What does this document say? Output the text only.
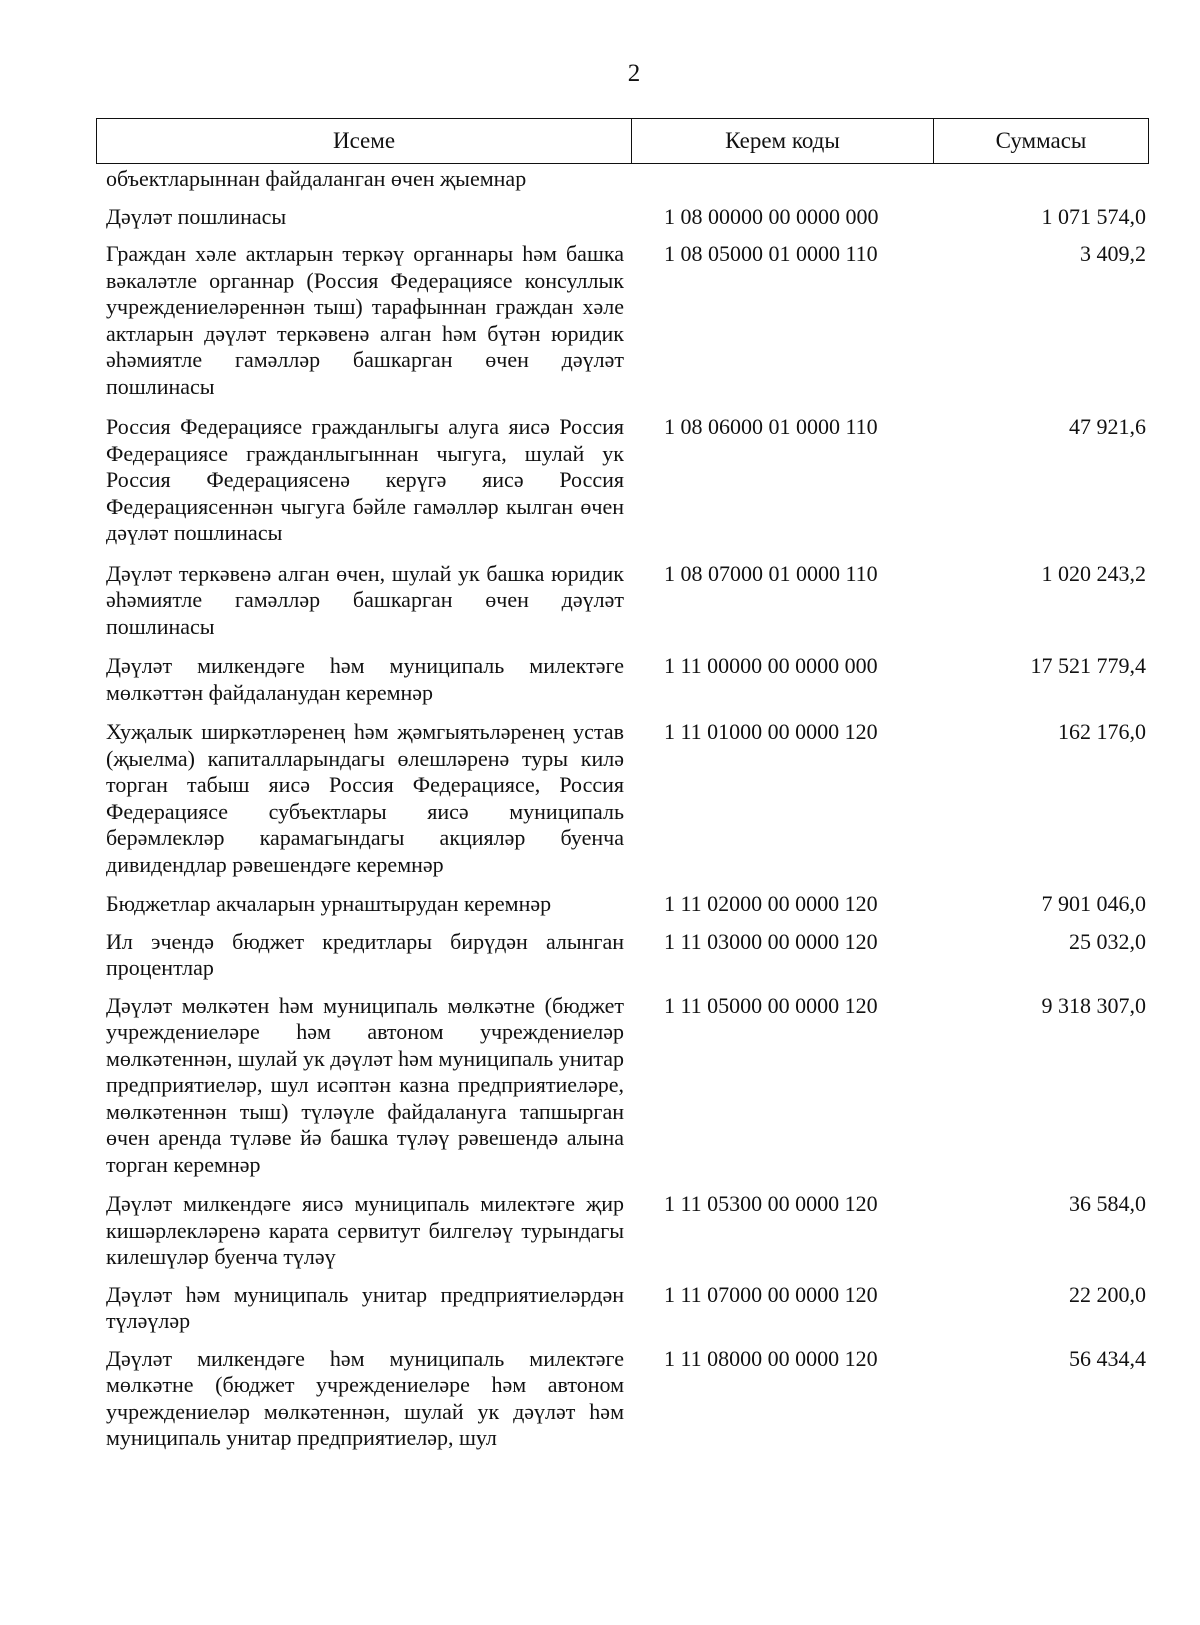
2
Исеме	Керем коды	Суммасы
объектларыннан файдаланган өчен җыемнар
Дәүләт пошлинасы	1 08 00000 00 0000 000	1 071 574,0
Граждан хәле актларын теркәү органнары һәм башка вәкаләтле органнар (Россия Федерациясе консуллык учреждениеләреннән тыш) тарафыннан граждан хәле актларын дәүләт теркәвенә алган һәм бүтән юридик әһәмиятле гамәлләр башкарган өчен дәүләт пошлинасы
1 08 05000 01 0000 110	3 409,2
Россия Федерациясе гражданлыгы алуга яисә Россия Федерациясе гражданлыгыннан чыгуга, шулай ук Россия Федерациясенә керүгә яисә Россия Федерациясеннән чыгуга бәйле гамәлләр кылган өчен дәүләт пошлинасы
1 08 06000 01 0000 110	47 921,6
Дәүләт теркәвенә алган өчен, шулай ук башка юридик әһәмиятле гамәлләр башкарган өчен дәүләт пошлинасы
1 08 07000 01 0000 110	1 020 243,2
Дәүләт милкендәге һәм муниципаль милектәге мөлкәттән файдаланудан керемнәр
1 11 00000 00 0000 000	17 521 779,4
Хуҗалык ширкәтләренең һәм җәмгыятьләренең устав (җыелма) капиталларындагы өлешләренә туры килә торган табыш яисә Россия Федерациясе, Россия Федерациясе субъектлары яисә муниципаль берәмлекләр карамагындагы акцияләр буенча дивидендлар рәвешендәге керемнәр
1 11 01000 00 0000 120	162 176,0
Бюджетлар акчаларын урнаштырудан керемнәр	1 11 02000 00 0000 120	7 901 046,0
Ил эчендә бюджет кредитлары бирүдән алынган процентлар
1 11 03000 00 0000 120	25 032,0
Дәүләт мөлкәтен һәм муниципаль мөлкәтне (бюджет учреждениеләре һәм автоном учреждениеләр мөлкәтеннән, шулай ук дәүләт һәм муниципаль унитар предприятиеләр, шул исәптән казна предприятиеләре, мөлкәтеннән тыш) түләүле файдалануга тапшырган өчен аренда түләве йә башка түләү рәвешендә алына торган керемнәр
1 11 05000 00 0000 120	9 318 307,0
Дәүләт милкендәге яисә муниципаль милектәге җир кишәрлекләренә карата сервитут билгеләү турындагы килешүләр буенча түләү
1 11 05300 00 0000 120	36 584,0
Дәүләт һәм муниципаль унитар предприятиеләрдән түләүләр
1 11 07000 00 0000 120	22 200,0
Дәүләт милкендәге һәм муниципаль милектәге мөлкәтне (бюджет учреждениеләре һәм автоном учреждениеләр мөлкәтеннән, шулай ук дәүләт һәм муниципаль унитар предприятиеләр, шул
1 11 08000 00 0000 120	56 434,4
